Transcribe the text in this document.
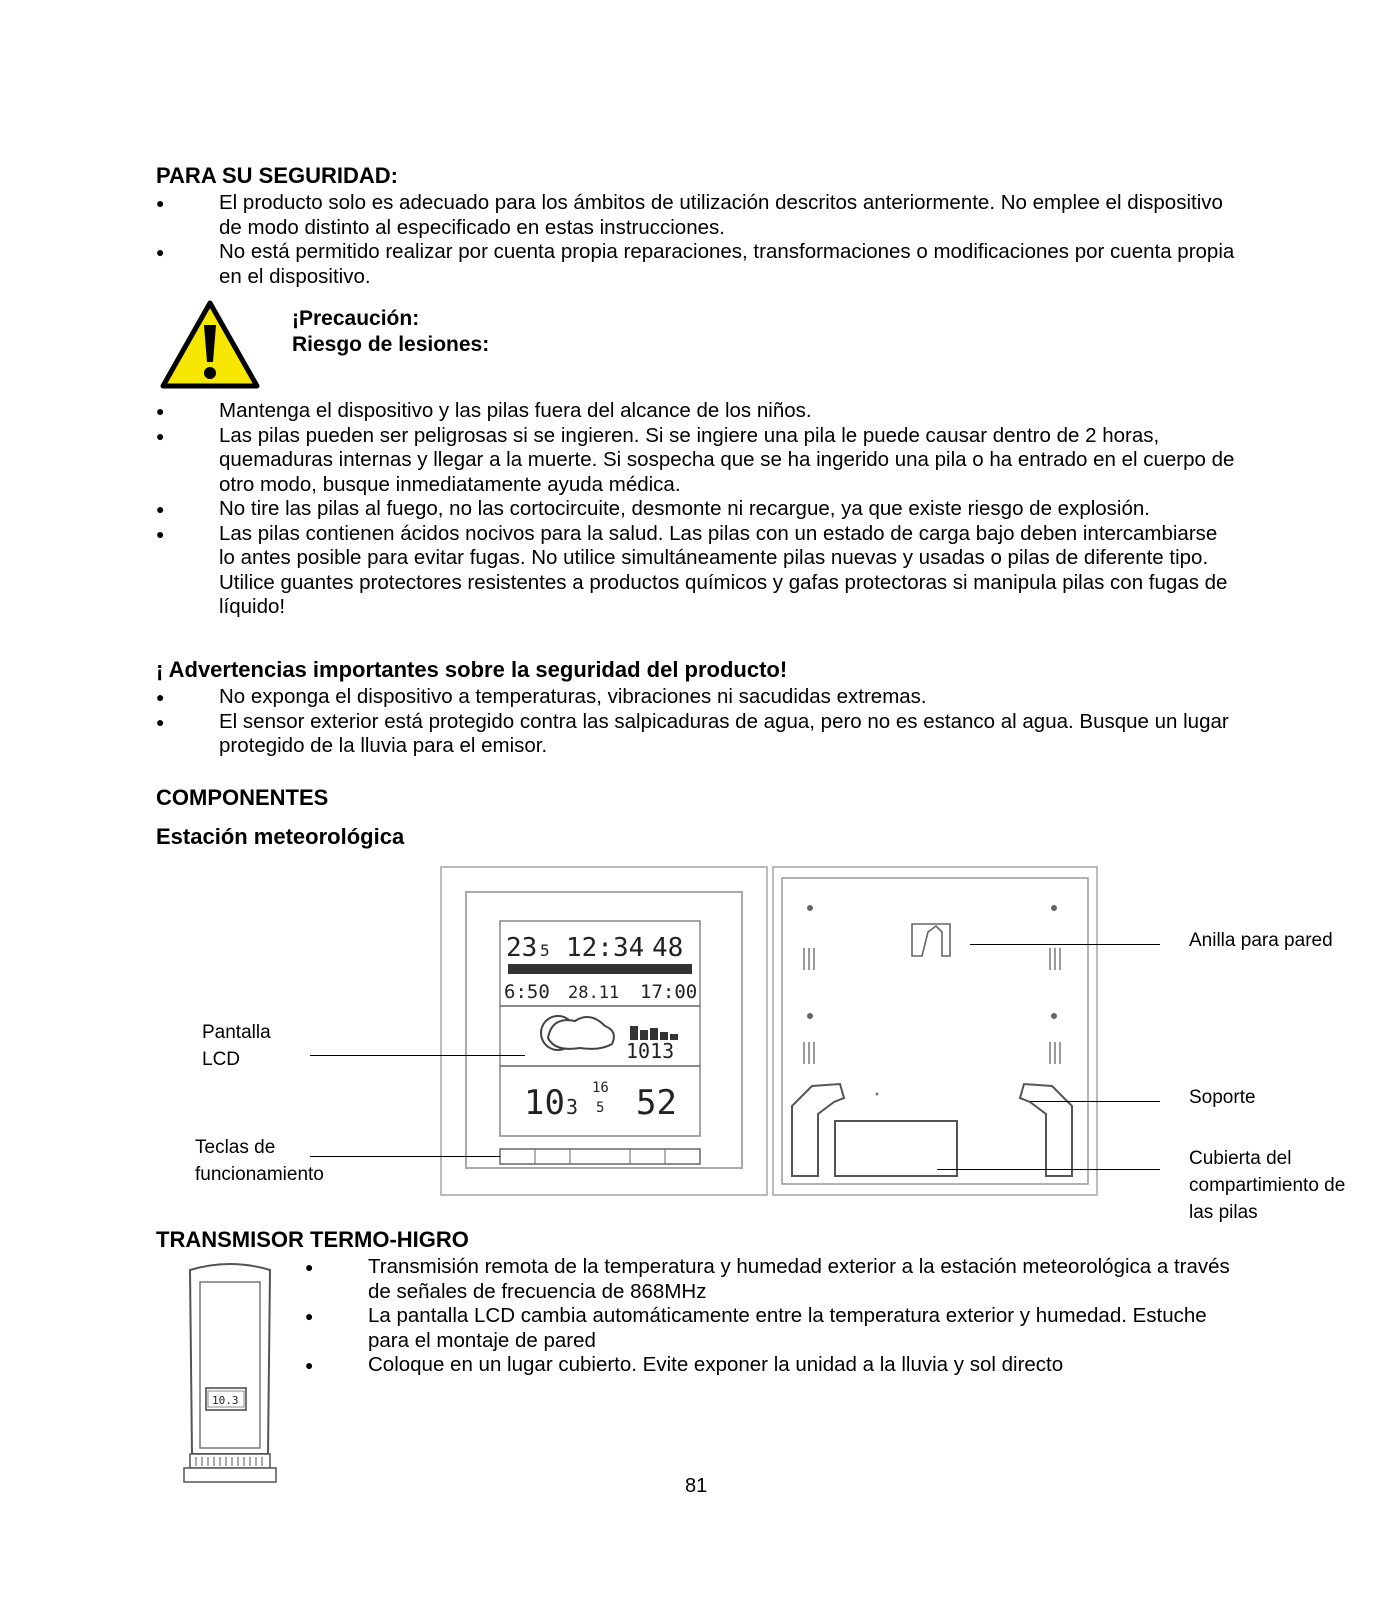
PARA SU SEGURIDAD:
●	El producto solo es adecuado para los ámbitos de utilización descritos anteriormente. No emplee el dispositivo de modo distinto al especificado en estas instrucciones.
●	No está permitido realizar por cuenta propia reparaciones, transformaciones o modificaciones por cuenta propia en el dispositivo.
¡Precaución:
Riesgo de lesiones:
●	Mantenga el dispositivo y las pilas fuera del alcance de los niños.
●	Las pilas pueden ser peligrosas si se ingieren. Si se ingiere una pila le puede causar dentro de 2 horas, quemaduras internas y llegar a la muerte. Si sospecha que se ha ingerido una pila o ha entrado en el cuerpo de otro modo, busque inmediatamente ayuda médica.
●	No tire las pilas al fuego, no las cortocircuite, desmonte ni recargue, ya que existe riesgo de explosión.
●	Las pilas contienen ácidos nocivos para la salud. Las pilas con un estado de carga bajo deben intercambiarse lo antes posible para evitar fugas. No utilice simultáneamente pilas nuevas y usadas o pilas de diferente tipo. Utilice guantes protectores resistentes a productos químicos y gafas protectoras si manipula pilas con fugas de líquido!
¡ Advertencias importantes sobre la seguridad del producto!
●	No exponga el dispositivo a temperaturas, vibraciones ni sacudidas extremas.
●	El sensor exterior está protegido contra las salpicaduras de agua, pero no es estanco al agua. Busque un lugar protegido de la lluvia para el emisor.
COMPONENTES
Estación meteorológica
23 5 12:34 48
6:50 28.11 17:00
1013
10 3
16
5 52
Pantalla
LCD
Teclas de
funcionamiento
Anilla para pared
Soporte
Cubierta del
compartimiento de
las pilas
TRANSMISOR TERMO-HIGRO
10.3
●	Transmisión remota de la temperatura y humedad exterior a la estación meteorológica a través de señales de frecuencia de 868MHz
●	La pantalla LCD cambia automáticamente entre la temperatura exterior y humedad. Estuche para el montaje de pared
●	Coloque en un lugar cubierto. Evite exponer la unidad a la lluvia y sol directo
81
